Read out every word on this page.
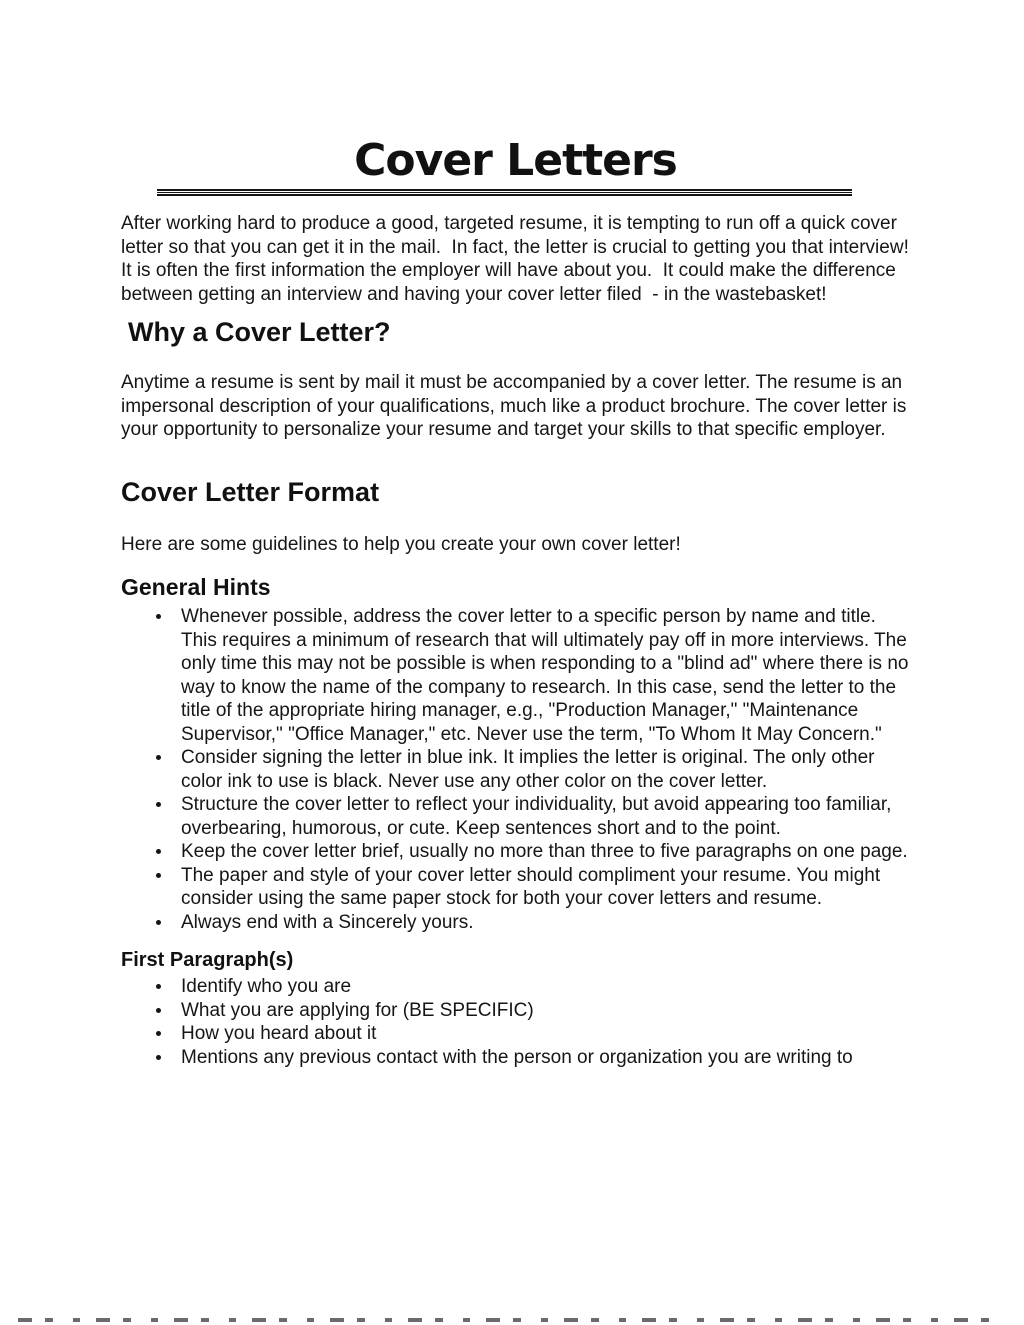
Cover Letters

After working hard to produce a good, targeted resume, it is tempting to run off a quick cover letter so that you can get it in the mail.  In fact, the letter is crucial to getting you that interview!  It is often the first information the employer will have about you.  It could make the difference between getting an interview and having your cover letter filed  - in the wastebasket!

Why a Cover Letter?

Anytime a resume is sent by mail it must be accompanied by a cover letter. The resume is an impersonal description of your qualifications, much like a product brochure. The cover letter is your opportunity to personalize your resume and target your skills to that specific employer.

Cover Letter Format

Here are some guidelines to help you create your own cover letter!

General Hints
Whenever possible, address the cover letter to a specific person by name and title. This requires a minimum of research that will ultimately pay off in more interviews. The only time this may not be possible is when responding to a "blind ad" where there is no way to know the name of the company to research. In this case, send the letter to the title of the appropriate hiring manager, e.g., "Production Manager," "Maintenance Supervisor," "Office Manager," etc. Never use the term, "To Whom It May Concern."
Consider signing the letter in blue ink. It implies the letter is original. The only other color ink to use is black. Never use any other color on the cover letter.
Structure the cover letter to reflect your individuality, but avoid appearing too familiar, overbearing, humorous, or cute. Keep sentences short and to the point.
Keep the cover letter brief, usually no more than three to five paragraphs on one page.
The paper and style of your cover letter should compliment your resume. You might consider using the same paper stock for both your cover letters and resume.
Always end with a Sincerely yours.
First Paragraph(s)
Identify who you are
What you are applying for (BE SPECIFIC)
How you heard about it
Mentions any previous contact with the person or organization you are writing to
